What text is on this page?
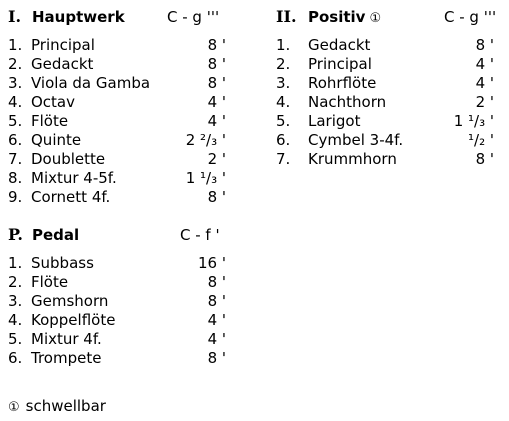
I. Hauptwerk	C - g '''
1. Principal	8 '
2. Gedackt	8 '
3. Viola da Gamba	8 '
4. Octav	4 '
5. Flöte	4 '
6. Quinte	2 ²/₃ '
7. Doublette	2 '
8. Mixtur 4-5f.	1 ¹/₃ '
9. Cornett 4f.	8 '
II. Positiv ①	C - g '''
1. Gedackt	8 '
2. Principal	4 '
3. Rohrflöte	4 '
4. Nachthorn	2 '
5. Larigot	1 ¹/₃ '
6. Cymbel 3-4f.	¹/₂ '
7. Krummhorn	8 '
P. Pedal	C - f '
1. Subbass	16 '
2. Flöte	8 '
3. Gemshorn	8 '
4. Koppelflöte	4 '
5. Mixtur 4f.	4 '
6. Trompete	8 '
① schwellbar
